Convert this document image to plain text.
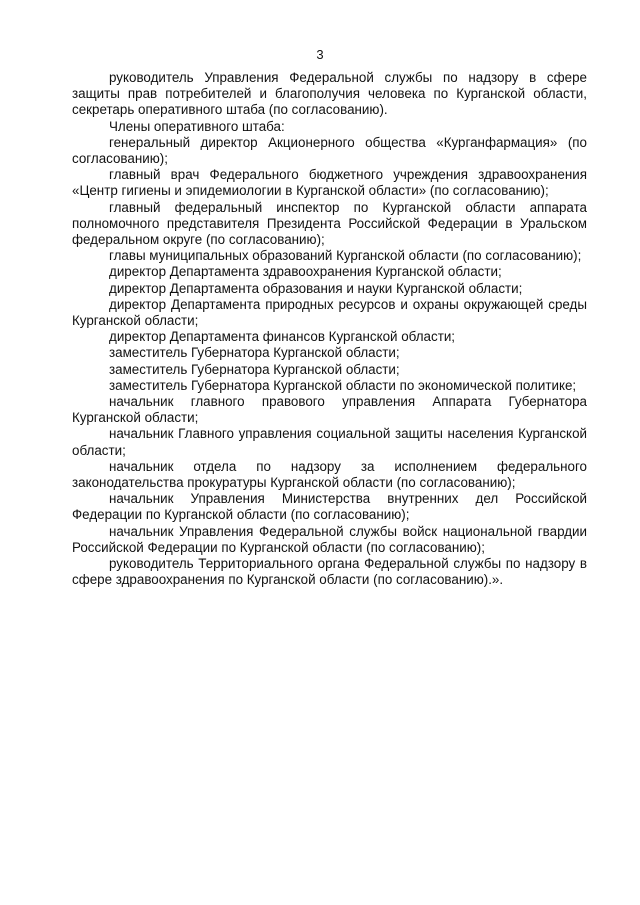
3

руководитель Управления Федеральной службы по надзору в сфере защиты прав потребителей и благополучия человека по Курганской области, секретарь оперативного штаба (по согласованию).

Члены оперативного штаба:

генеральный директор Акционерного общества «Курганфармация» (по согласованию);

главный врач Федерального бюджетного учреждения здравоохранения «Центр гигиены и эпидемиологии в Курганской области» (по согласованию);

главный федеральный инспектор по Курганской области аппарата полномочного представителя Президента Российской Федерации в Уральском федеральном округе (по согласованию);

главы муниципальных образований Курганской области (по согласованию);

директор Департамента здравоохранения Курганской области;

директор Департамента образования и науки Курганской области;

директор Департамента природных ресурсов и охраны окружающей среды Курганской области;

директор Департамента финансов Курганской области;

заместитель Губернатора Курганской области;

заместитель Губернатора Курганской области;

заместитель Губернатора Курганской области по экономической политике;

начальник главного правового управления Аппарата Губернатора Курганской области;

начальник Главного управления социальной защиты населения Курганской области;

начальник отдела по надзору за исполнением федерального законодательства прокуратуры Курганской области (по согласованию);

начальник Управления Министерства внутренних дел Российской Федерации по Курганской области (по согласованию);

начальник Управления Федеральной службы войск национальной гвардии Российской Федерации по Курганской области (по согласованию);

руководитель Территориального органа Федеральной службы по надзору в сфере здравоохранения по Курганской области (по согласованию).».
